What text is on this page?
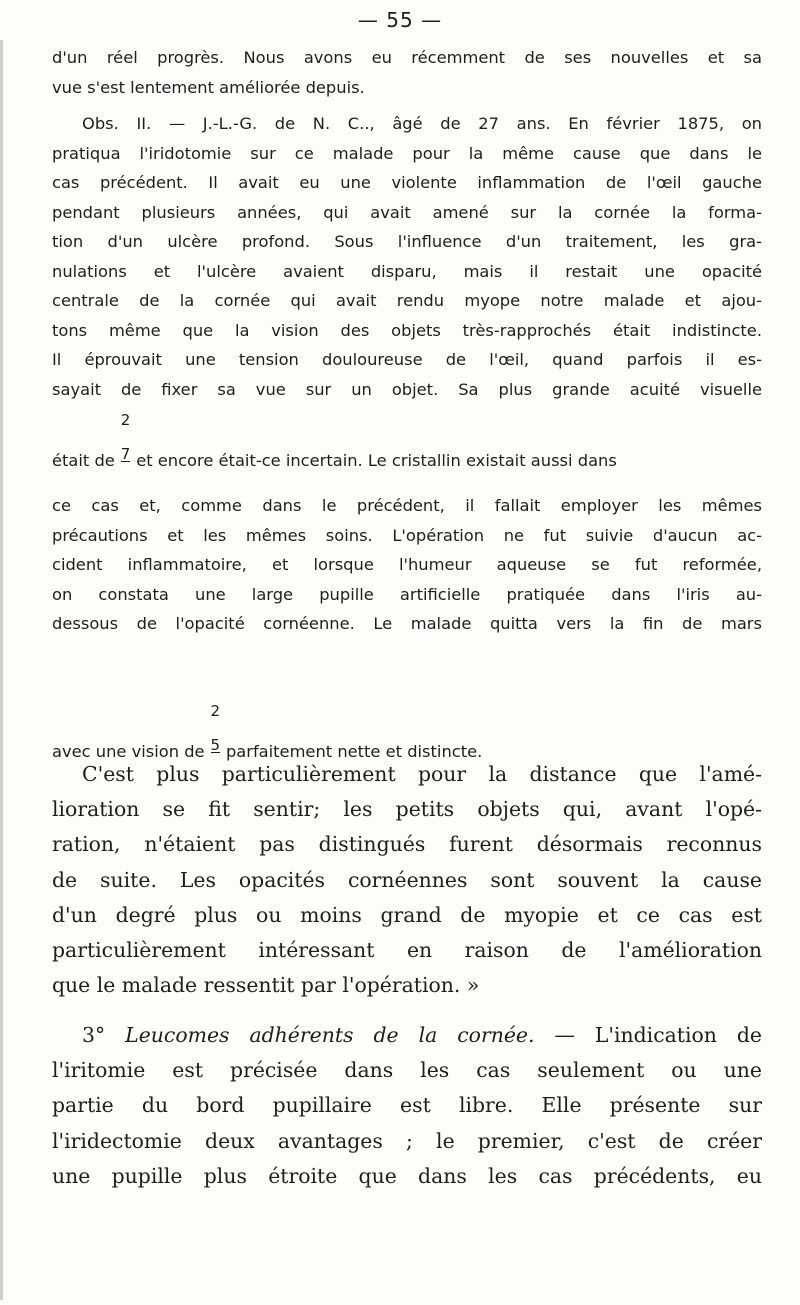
— 55 —
d'un réel progrès. Nous avons eu récemment de ses nouvelles et sa
vue s'est lentement améliorée depuis.
Obs. II. — J.-L.-G. de N. C.., âgé de 27 ans. En février 1875, on
pratiqua l'iridotomie sur ce malade pour la même cause que dans le
cas précédent. Il avait eu une violente inflammation de l'œil gauche
pendant plusieurs années, qui avait amené sur la cornée la forma-
tion d'un ulcère profond. Sous l'influence d'un traitement, les gra-
nulations et l'ulcère avaient disparu, mais il restait une opacité
centrale de la cornée qui avait rendu myope notre malade et ajou-
tons même que la vision des objets très-rapprochés était indistincte.
Il éprouvait une tension douloureuse de l'œil, quand parfois il es-
sayait de fixer sa vue sur un objet. Sa plus grande acuité visuelle
était de $\frac{2}{7}$ et encore était-ce incertain. Le cristallin existait aussi dans
ce cas et, comme dans le précédent, il fallait employer les mêmes
précautions et les mêmes soins. L'opération ne fut suivie d'aucun ac-
cident inflammatoire, et lorsque l'humeur aqueuse se fut reformée,
on constata une large pupille artificielle pratiquée dans l'iris au-
dessous de l'opacité cornéenne. Le malade quitta vers la fin de mars
avec une vision de $\frac{2}{5}$ parfaitement nette et distincte.
C'est plus particulièrement pour la distance que l'amé-
lioration se fit sentir; les petits objets qui, avant l'opé-
ration, n'étaient pas distingués furent désormais reconnus
de suite. Les opacités cornéennes sont souvent la cause
d'un degré plus ou moins grand de myopie et ce cas est
particulièrement intéressant en raison de l'amélioration
que le malade ressentit par l'opération. »
3° Leucomes adhérents de la cornée. — L'indication de
l'iritomie est précisée dans les cas seulement ou une
partie du bord pupillaire est libre. Elle présente sur
l'iridectomie deux avantages ; le premier, c'est de créer
une pupille plus étroite que dans les cas précédents, eu
